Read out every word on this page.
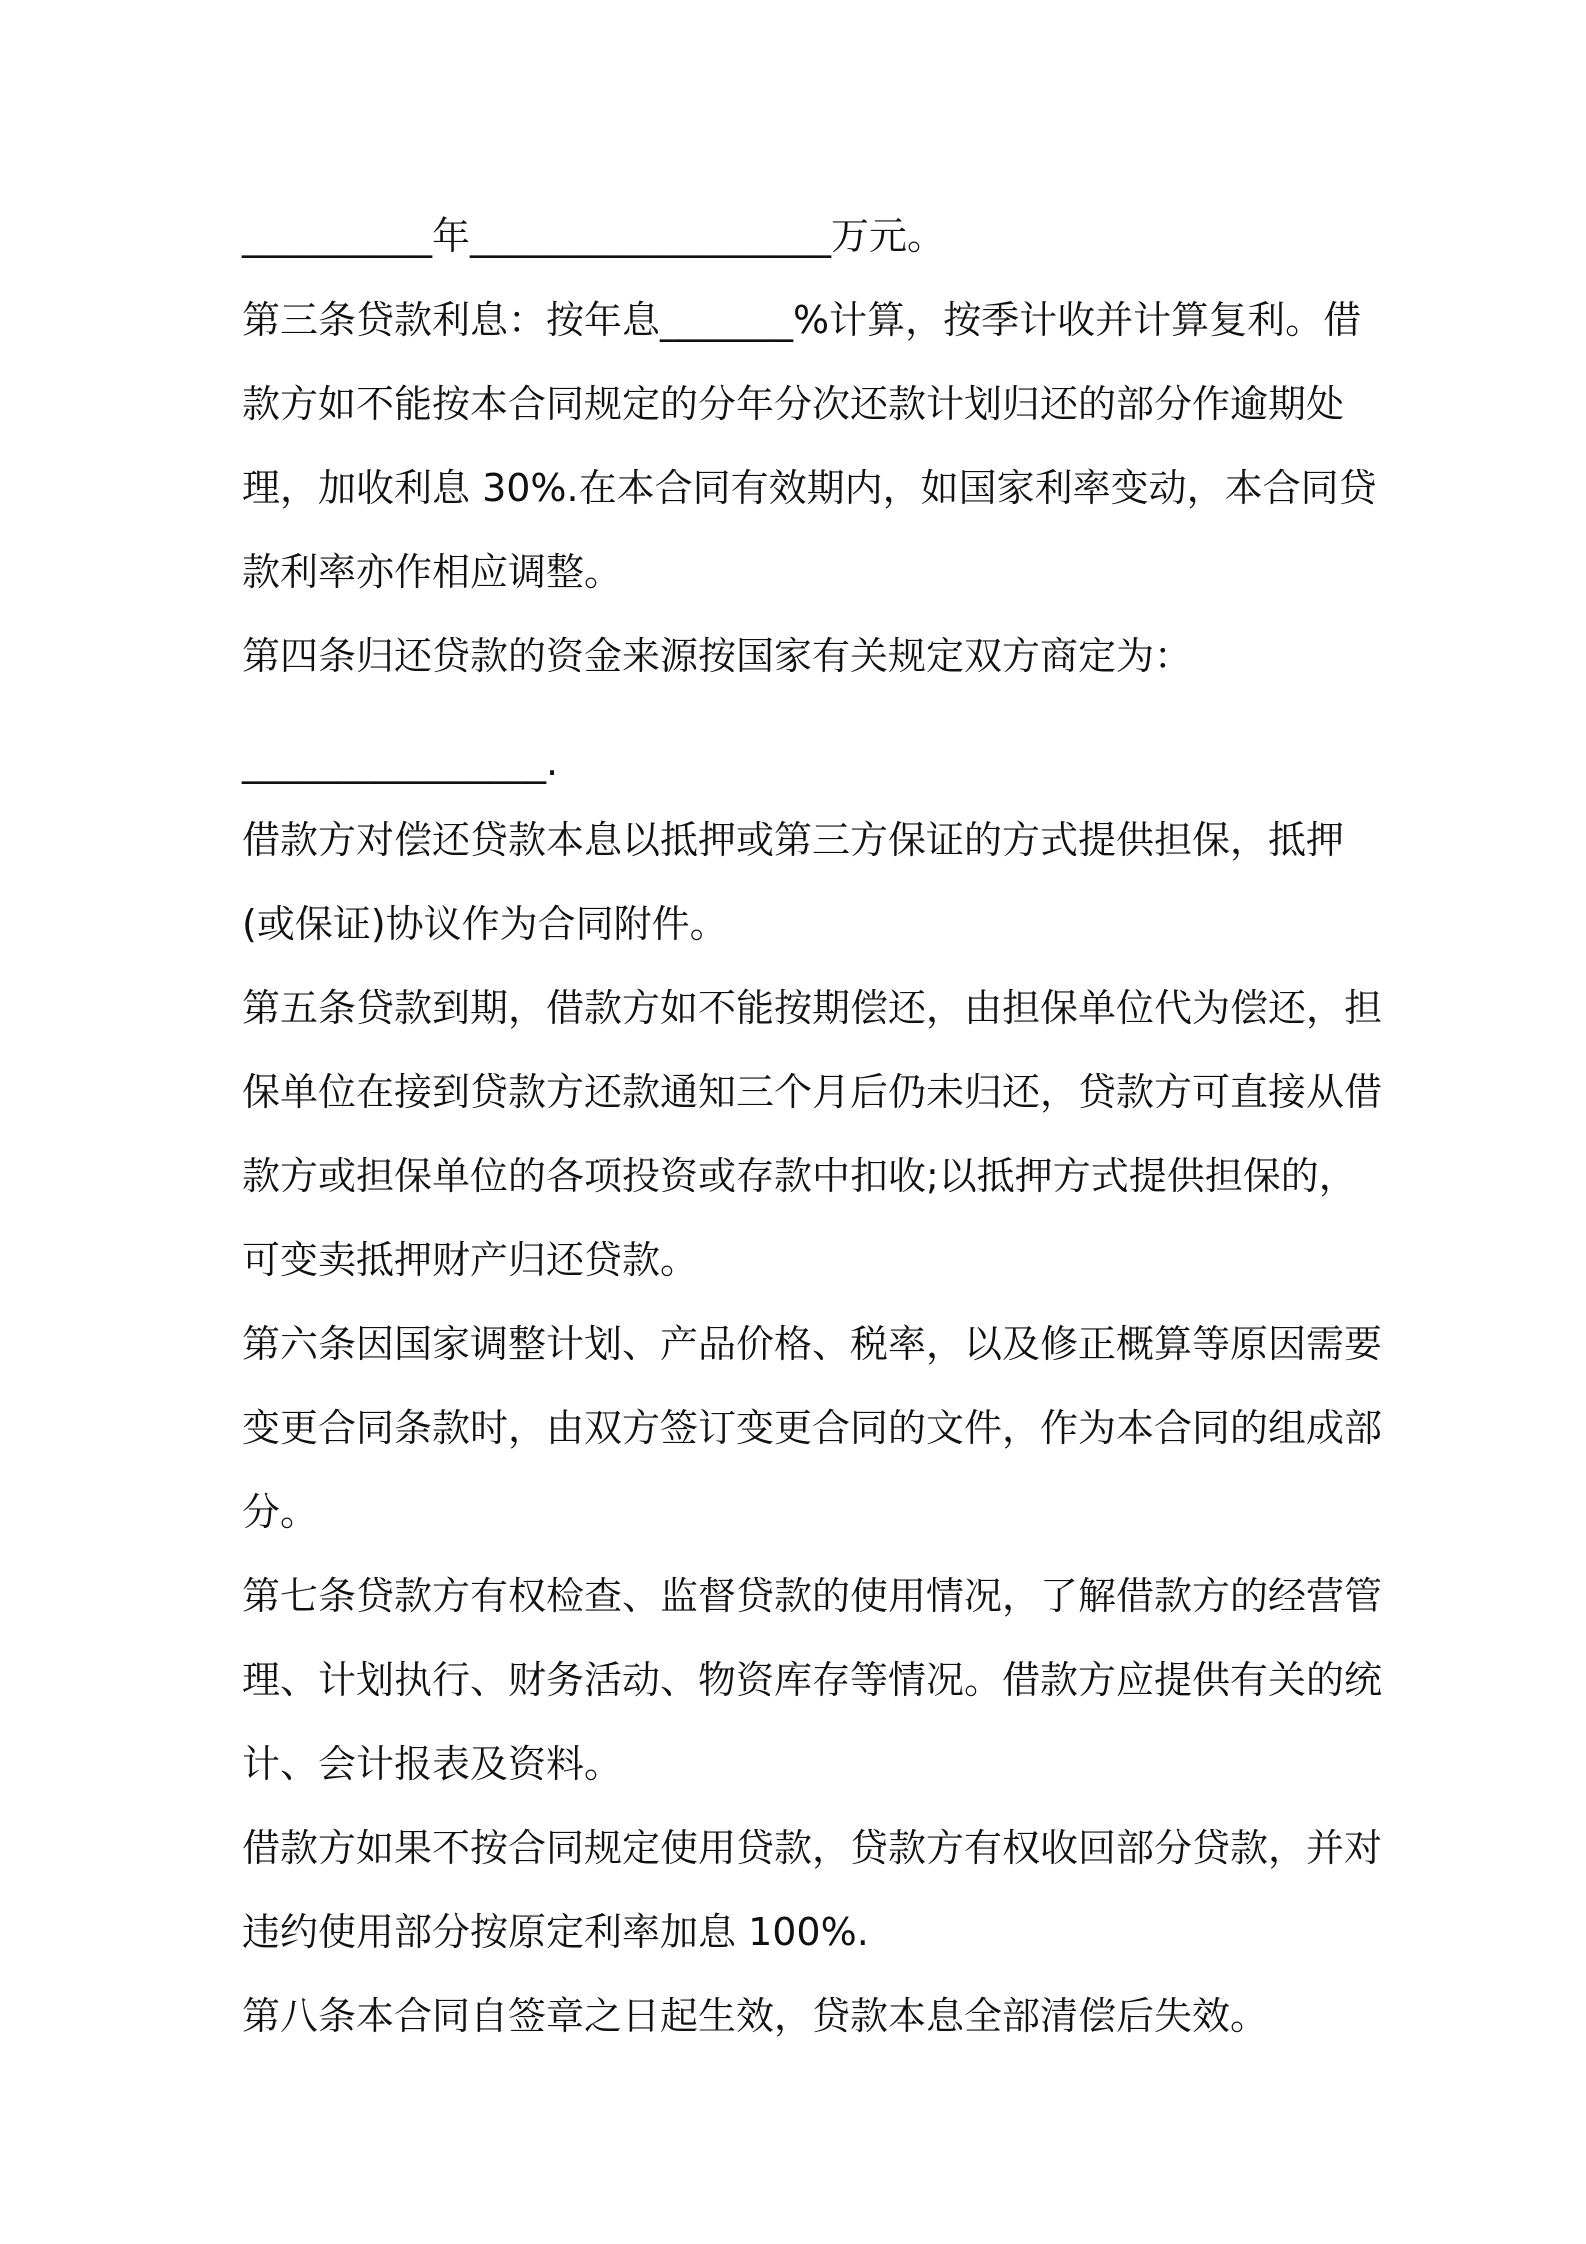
__________年___________________万元。
第三条贷款利息：按年息_______%计算，按季计收并计算复利。借
款方如不能按本合同规定的分年分次还款计划归还的部分作逾期处
理，加收利息 30%.在本合同有效期内，如国家利率变动，本合同贷
款利率亦作相应调整。
第四条归还贷款的资金来源按国家有关规定双方商定为：
________________.
借款方对偿还贷款本息以抵押或第三方保证的方式提供担保，抵押
(或保证)协议作为合同附件。
第五条贷款到期，借款方如不能按期偿还，由担保单位代为偿还，担
保单位在接到贷款方还款通知三个月后仍未归还，贷款方可直接从借
款方或担保单位的各项投资或存款中扣收;以抵押方式提供担保的，
可变卖抵押财产归还贷款。
第六条因国家调整计划、产品价格、税率，以及修正概算等原因需要
变更合同条款时，由双方签订变更合同的文件，作为本合同的组成部
分。
第七条贷款方有权检查、监督贷款的使用情况，了解借款方的经营管
理、计划执行、财务活动、物资库存等情况。借款方应提供有关的统
计、会计报表及资料。
借款方如果不按合同规定使用贷款，贷款方有权收回部分贷款，并对
违约使用部分按原定利率加息 100%.
第八条本合同自签章之日起生效，贷款本息全部清偿后失效。
